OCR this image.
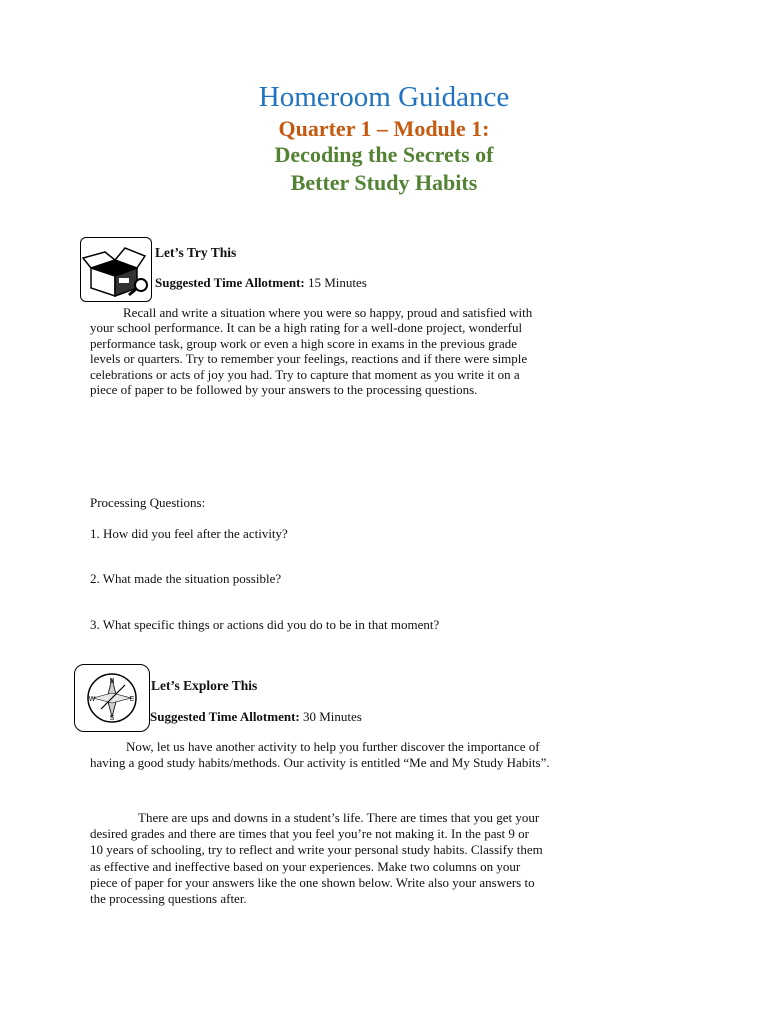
Homeroom Guidance
Quarter 1 – Module 1:
Decoding the Secrets of
Better Study Habits
Let’s Try This
Suggested Time Allotment: 15 Minutes

Recall and write a situation where you were so happy, proud and satisfied with

your school performance. It can be a high rating for a well-done project, wonderful

performance task, group work or even a high score in exams in the previous grade

levels or quarters. Try to remember your feelings, reactions and if there were simple

celebrations or acts of joy you had. Try to capture that moment as you write it on a

piece of paper to be followed by your answers to the processing questions.

Processing Questions:
1. How did you feel after the activity?
2. What made the situation possible?
3. What specific things or actions did you do to be in that moment?
N
S
E
W
Let’s Explore This
Suggested Time Allotment: 30 Minutes

Now, let us have another activity to help you further discover the importance of

having a good study habits/methods. Our activity is entitled “Me and My Study Habits”.

There are ups and downs in a student’s life. There are times that you get your

desired grades and there are times that you feel you’re not making it. In the past 9 or

10 years of schooling, try to reflect and write your personal study habits. Classify them

as effective and ineffective based on your experiences. Make two columns on your

piece of paper for your answers like the one shown below. Write also your answers to

the processing questions after.
